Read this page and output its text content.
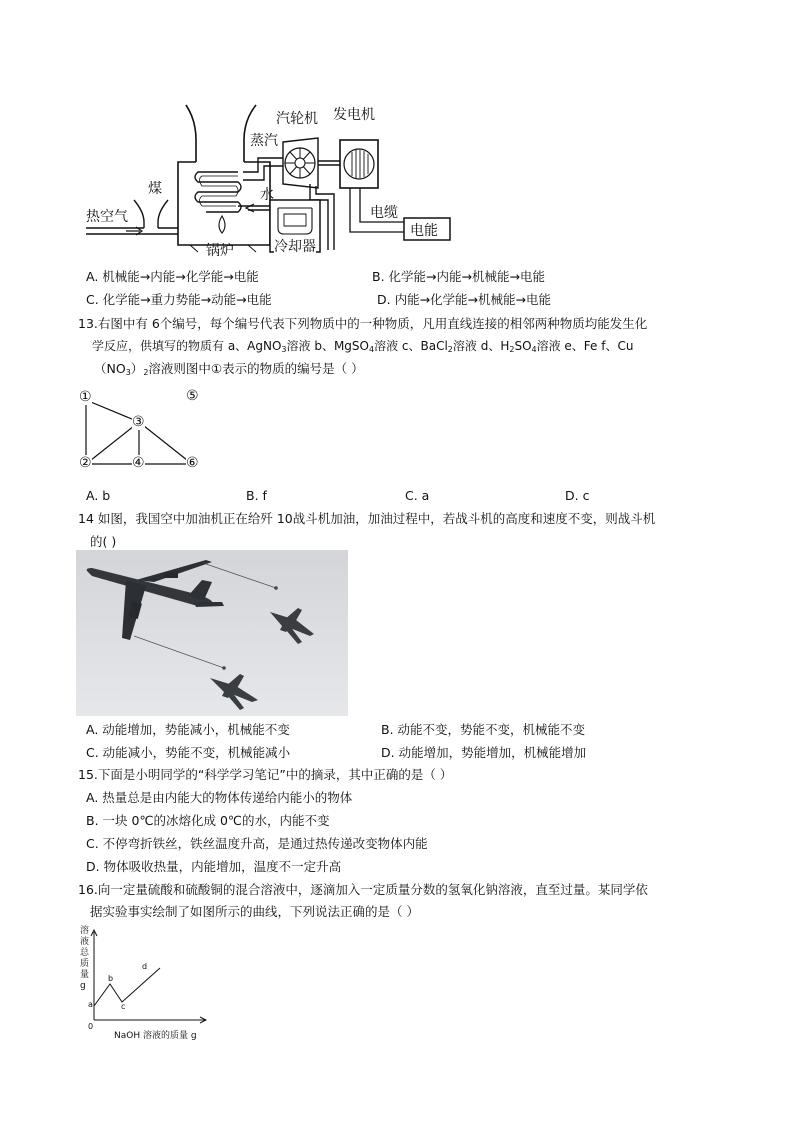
蒸汽
汽轮机 发电机
煤
热空气
水
锅炉	冷却器
电缆
电能
A. 机械能→内能→化学能→电能	B. 化学能→内能→机械能→电能
C. 化学能→重力势能→动能→电能	D. 内能→化学能→机械能→电能
13.右图中有 6个编号，每个编号代表下列物质中的一种物质，凡用直线连接的相邻两种物质均能发生化
学反应，供填写的物质有 a、AgNO$_3$溶液 b、MgSO$_4$溶液 c、BaCl$_2$溶液 d、$H_2SO_4$溶液 e、Fe f、Cu
$(NO_3)_2$溶液则图中①表示的物质的编号是（ ）
①
②
③
④
⑤
⑥
A. b	B. f	C. a	D. c
14 如图，我国空中加油机正在给歼 10战斗机加油，加油过程中，若战斗机的高度和速度不变，则战斗机
的( )
A. 动能增加，势能减小，机械能不变	B. 动能不变，势能不变，机械能不变
C. 动能减小，势能不变，机械能减小	D. 动能增加，势能增加，机械能增加
15.下面是小明同学的“科学学习笔记”中的摘录，其中正确的是（ ）
A. 热量总是由内能大的物体传递给内能小的物体
B. 一块 0℃的冰熔化成 0℃的水，内能不变
C. 不停弯折铁丝，铁丝温度升高，是通过热传递改变物体内能
D. 物体吸收热量，内能增加，温度不一定升高
16.向一定量硫酸和硫酸铜的混合溶液中，逐滴加入一定质量分数的氢氧化钠溶液，直至过量。某同学依
据实验事实绘制了如图所示的曲线，下列说法正确的是（ ）
溶
液
总
质
量
g
a
b
c
d
0
NaOH 溶液的质量 g
